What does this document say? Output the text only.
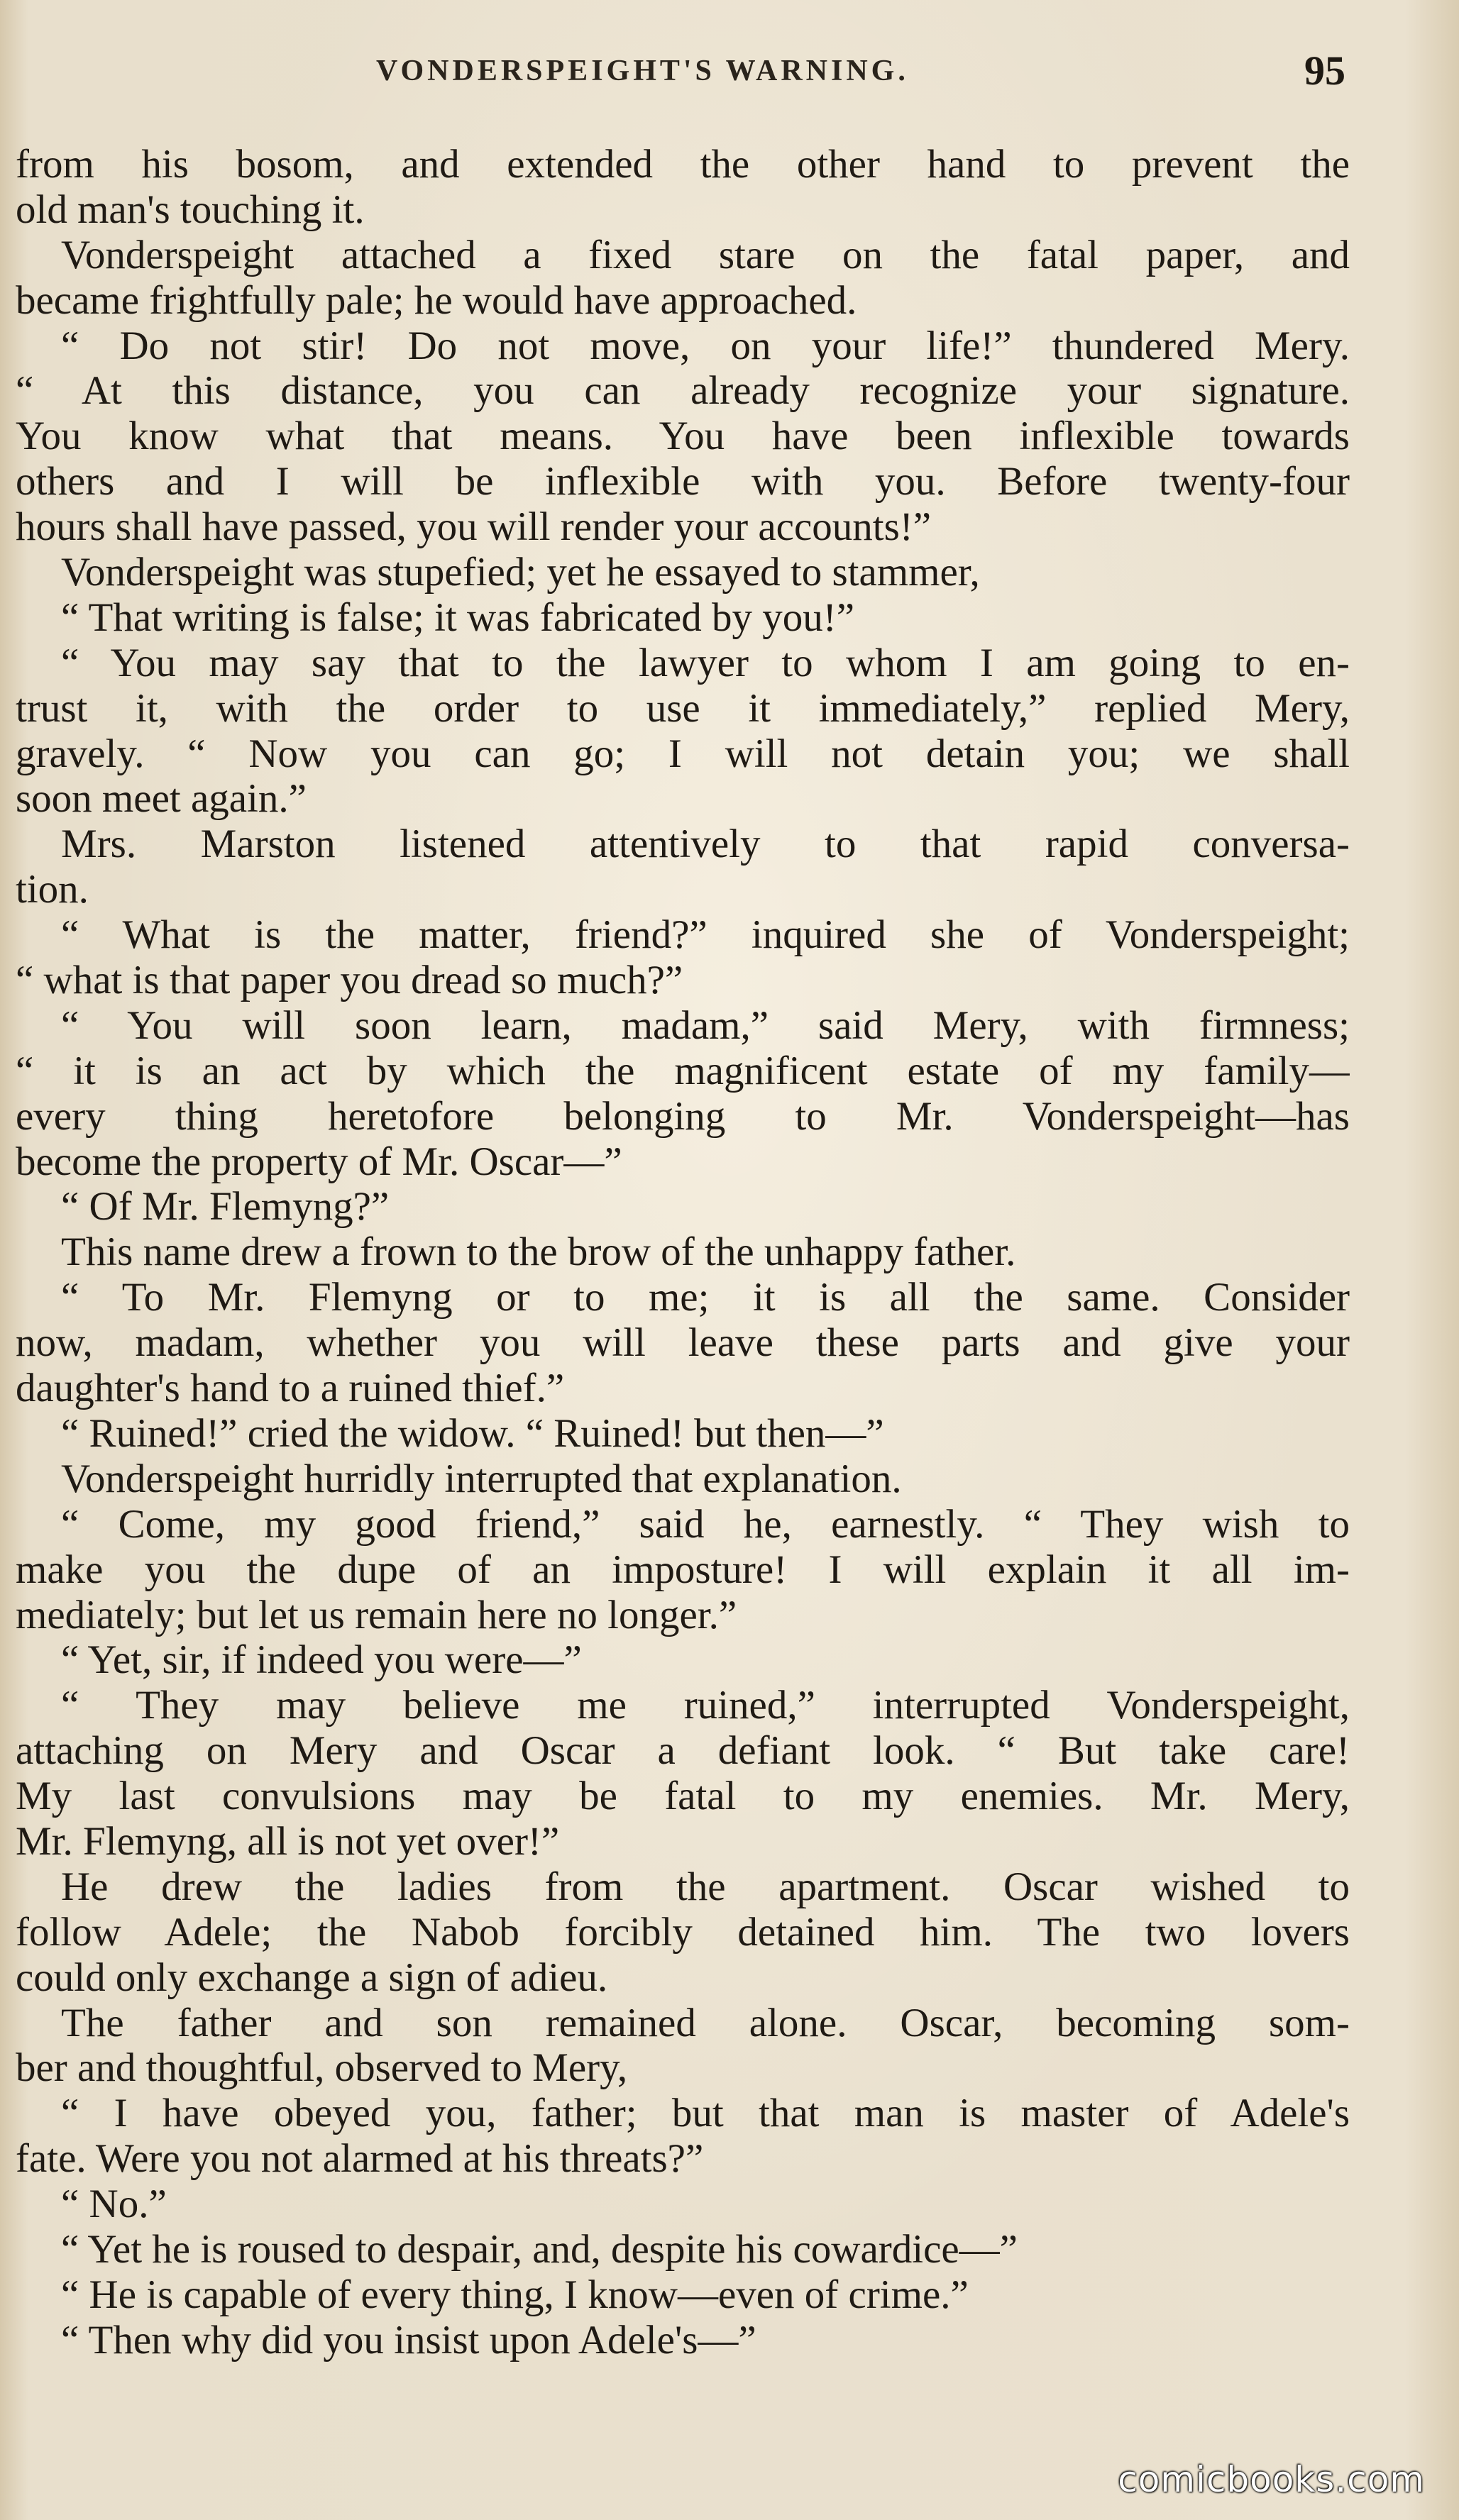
VONDERSPEIGHT'S WARNING.	95
from his bosom, and extended the other hand to prevent the
old man's touching it.
Vonderspeight attached a fixed stare on the fatal paper, and
became frightfully pale; he would have approached.
“ Do not stir! Do not move, on your life!” thundered Mery.
“ At this distance, you can already recognize your signature.
You know what that means. You have been inflexible towards
others and I will be inflexible with you. Before twenty-four
hours shall have passed, you will render your accounts!”
Vonderspeight was stupefied; yet he essayed to stammer,
“ That writing is false; it was fabricated by you!”
“ You may say that to the lawyer to whom I am going to en-
trust it, with the order to use it immediately,” replied Mery,
gravely. “ Now you can go; I will not detain you; we shall
soon meet again.”
Mrs. Marston listened attentively to that rapid conversa-
tion.
“ What is the matter, friend?” inquired she of Vonderspeight;
“ what is that paper you dread so much?”
“ You will soon learn, madam,” said Mery, with firmness;
“ it is an act by which the magnificent estate of my family—
every thing heretofore belonging to Mr. Vonderspeight—has
become the property of Mr. Oscar—”
“ Of Mr. Flemyng?”
This name drew a frown to the brow of the unhappy father.
“ To Mr. Flemyng or to me; it is all the same. Consider
now, madam, whether you will leave these parts and give your
daughter's hand to a ruined thief.”
“ Ruined!” cried the widow. “ Ruined! but then—”
Vonderspeight hurridly interrupted that explanation.
“ Come, my good friend,” said he, earnestly. “ They wish to
make you the dupe of an imposture! I will explain it all im-
mediately; but let us remain here no longer.”
“ Yet, sir, if indeed you were—”
“ They may believe me ruined,” interrupted Vonderspeight,
attaching on Mery and Oscar a defiant look. “ But take care!
My last convulsions may be fatal to my enemies. Mr. Mery,
Mr. Flemyng, all is not yet over!”
He drew the ladies from the apartment. Oscar wished to
follow Adele; the Nabob forcibly detained him. The two lovers
could only exchange a sign of adieu.
The father and son remained alone. Oscar, becoming som-
ber and thoughtful, observed to Mery,
“ I have obeyed you, father; but that man is master of Adele's
fate. Were you not alarmed at his threats?”
“ No.”
“ Yet he is roused to despair, and, despite his cowardice—”
“ He is capable of every thing, I know—even of crime.”
“ Then why did you insist upon Adele's—”
comicbooks.com
